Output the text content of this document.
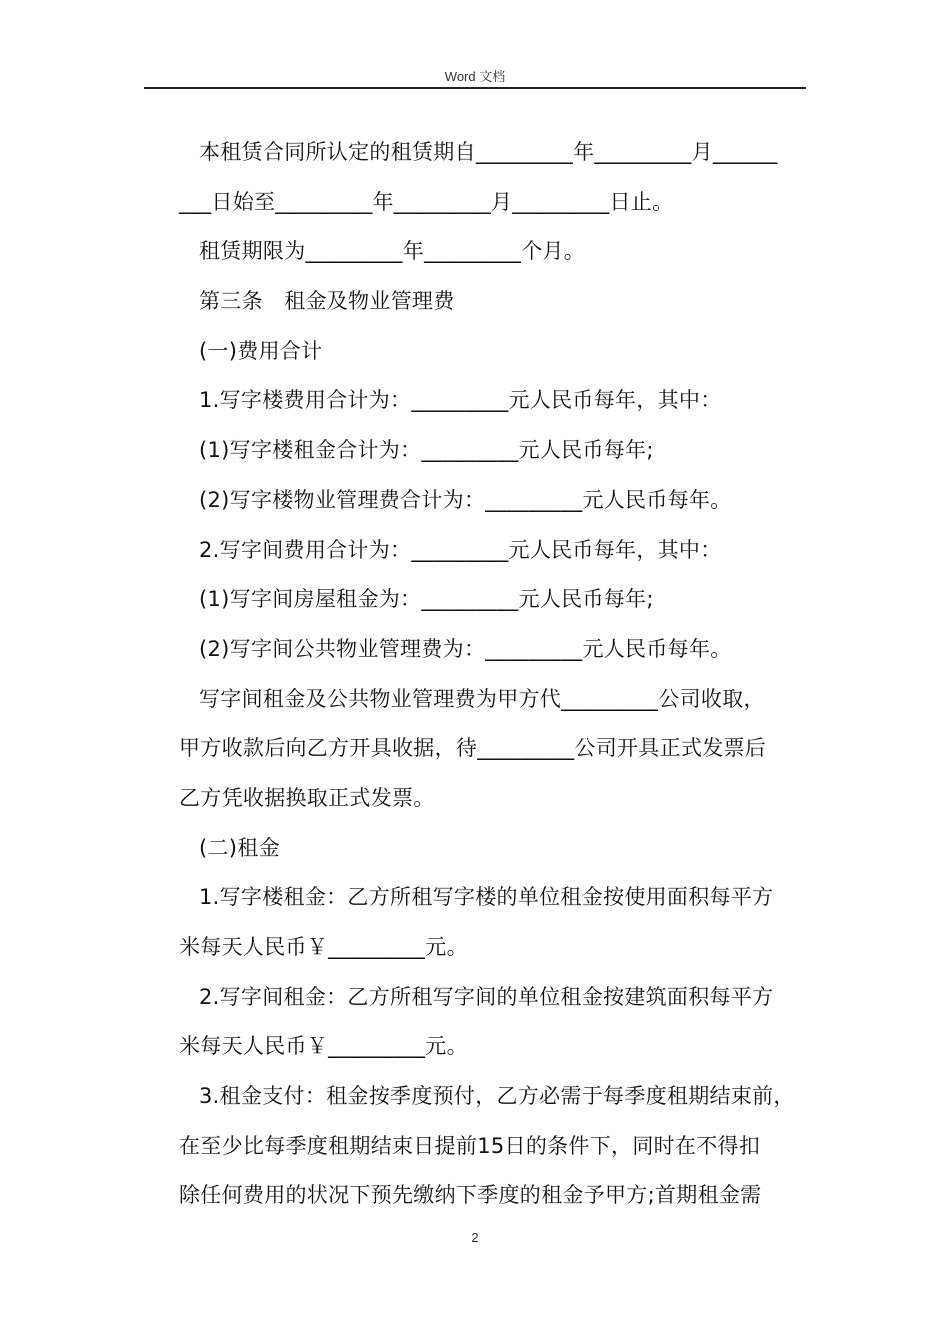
Word 文档
本租赁合同所认定的租赁期自_________年_________月______
___日始至_________年_________月_________日止。
租赁期限为_________年_________个月。
第三条　租金及物业管理费
(一)费用合计
1.写字楼费用合计为：_________元人民币每年，其中：
(1)写字楼租金合计为：_________元人民币每年;
(2)写字楼物业管理费合计为：_________元人民币每年。
2.写字间费用合计为：_________元人民币每年，其中：
(1)写字间房屋租金为：_________元人民币每年;
(2)写字间公共物业管理费为：_________元人民币每年。
写字间租金及公共物业管理费为甲方代_________公司收取，
甲方收款后向乙方开具收据，待_________公司开具正式发票后
乙方凭收据换取正式发票。
(二)租金
1.写字楼租金：乙方所租写字楼的单位租金按使用面积每平方
米每天人民币￥_________元。
2.写字间租金：乙方所租写字间的单位租金按建筑面积每平方
米每天人民币￥_________元。
3.租金支付：租金按季度预付，乙方必需于每季度租期结束前，
在至少比每季度租期结束日提前15日的条件下，同时在不得扣
除任何费用的状况下预先缴纳下季度的租金予甲方;首期租金需
2
